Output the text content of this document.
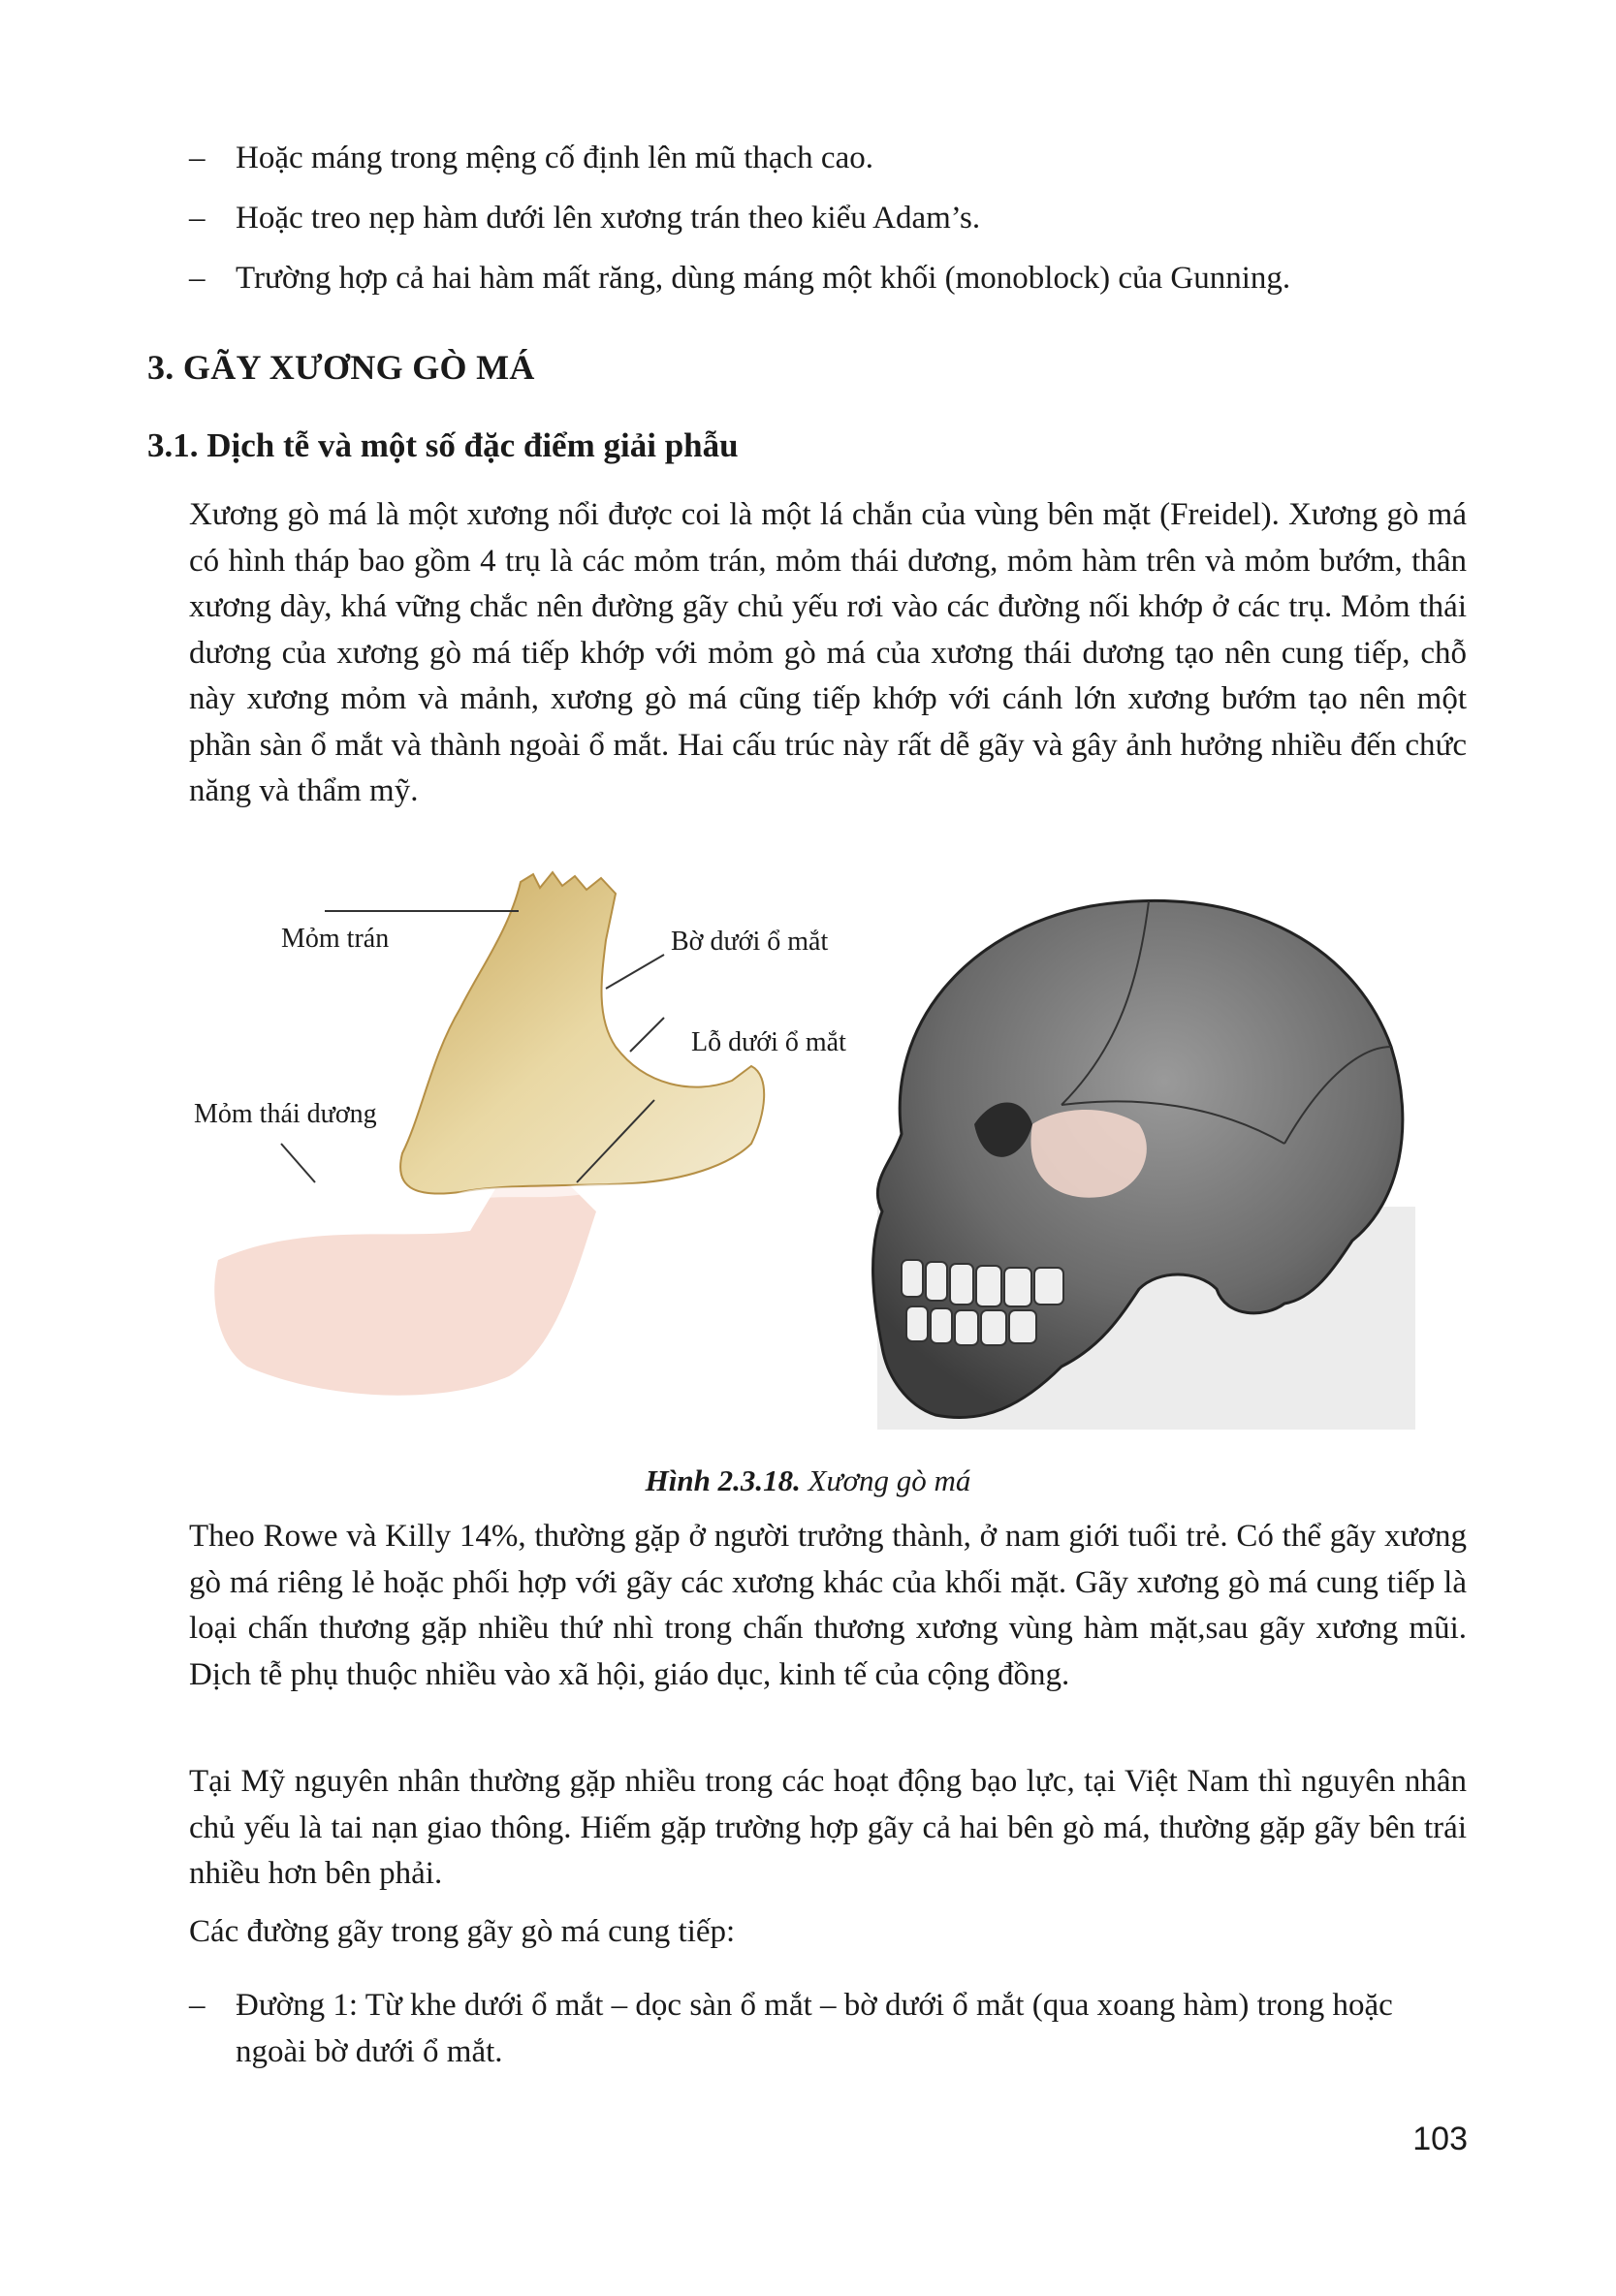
– Hoặc máng trong mệng cố định lên mũ thạch cao.
– Hoặc treo nẹp hàm dưới lên xương trán theo kiểu Adam’s.
– Trường hợp cả hai hàm mất răng, dùng máng một khối (monoblock) của Gunning.
3. GÃY XƯƠNG GÒ MÁ
3.1. Dịch tễ và một số đặc điểm giải phẫu

Xương gò má là một xương nổi được coi là một lá chắn của vùng bên mặt (Freidel). Xương gò má có hình tháp bao gồm 4 trụ là các mỏm trán, mỏm thái dương, mỏm hàm trên và mỏm bướm, thân xương dày, khá vững chắc nên đường gãy chủ yếu rơi vào các đường nối khớp ở các trụ. Mỏm thái dương của xương gò má tiếp khớp với mỏm gò má của xương thái dương tạo nên cung tiếp, chỗ này xương mỏm và mảnh, xương gò má cũng tiếp khớp với cánh lớn xương bướm tạo nên một phần sàn ổ mắt và thành ngoài ổ mắt. Hai cấu trúc này rất dễ gãy và gây ảnh hưởng nhiều đến chức năng và thẩm mỹ.

Mỏm trán	Bờ dưới ổ mắt
Lỗ dưới ổ mắt
Mỏm thái dương
Hình 2.3.18. Xương gò má

Theo Rowe và Killy 14%, thường gặp ở người trưởng thành, ở nam giới tuổi trẻ. Có thể gãy xương gò má riêng lẻ hoặc phối hợp với gãy các xương khác của khối mặt. Gãy xương gò má cung tiếp là loại chấn thương gặp nhiều thứ nhì trong chấn thương xương vùng hàm mặt,sau gãy xương mũi. Dịch tễ phụ thuộc nhiều vào xã hội, giáo dục, kinh tế của cộng đồng.

Tại Mỹ nguyên nhân thường gặp nhiều trong các hoạt động bạo lực, tại Việt Nam thì nguyên nhân chủ yếu là tai nạn giao thông. Hiếm gặp trường hợp gãy cả hai bên gò má, thường gặp gãy bên trái nhiều hơn bên phải.

Các đường gãy trong gãy gò má cung tiếp:

– Đường 1: Từ khe dưới ổ mắt – dọc sàn ổ mắt – bờ dưới ổ mắt (qua xoang hàm) trong hoặc ngoài bờ dưới ổ mắt.
103
